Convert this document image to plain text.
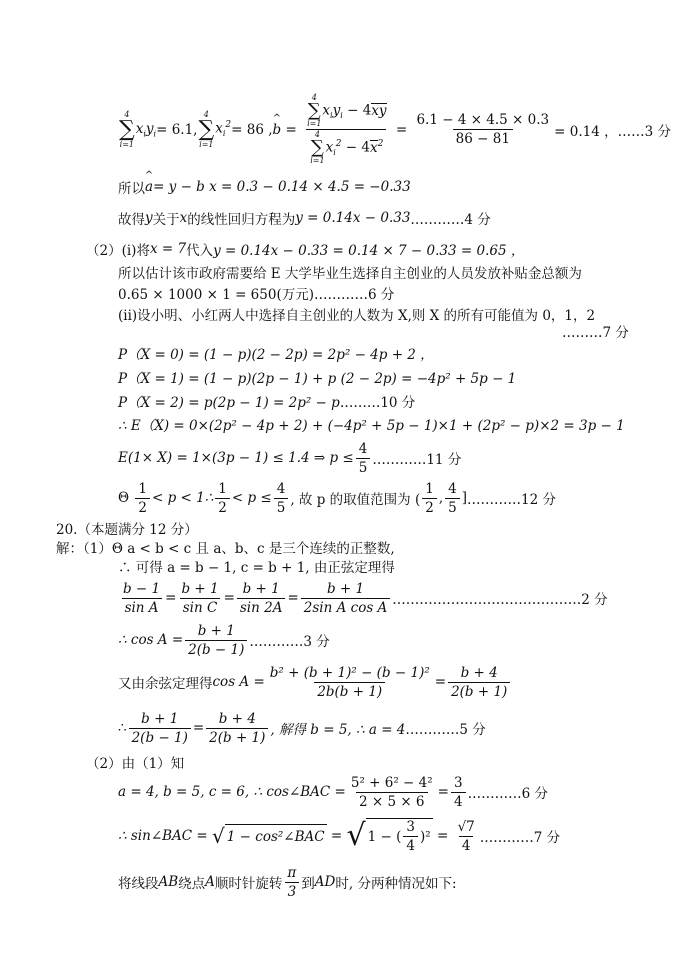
4
∑
i=1
$x_iy_i = 6.1$,
4
∑
i=1
$x_i^2 = 86$ , ^ b = 4
∑
i=1
$x_iy_i - 4xy$
4
∑
i=1
$x_i^2 - 4x^2 = \frac{6.1 - 4 \times 4.5 \times 0.3}{86 - 81} = 0.14$ ， ……3 分
所以 ^ a = y − b x = 0.3 − 0.14 × 4.5 = −0.33
故得 y 关于 x 的线性回归方程为 y = 0.14x − 0.33 …………4 分
（2） (i)将 x = 7 代入 y = 0.14x − 0.33 = 0.14 × 7 − 0.33 = 0.65 ，
所以估计该市政府需要给 E 大学毕业生选择自主创业的人员发放补贴金总额为
0.65 × 1000 × 1 = 650(万元) …………6 分
(ii)设小明、小红两人中选择自主创业的人数为 X,则 X 的所有可能值为 0，1，2
………7 分
P（X = 0) = (1 − p)(2 − 2p) = 2p² − 4p + 2 ，
P（X = 1) = (1 − p)(2p − 1) + p (2 − 2p) = −4p² + 5p − 1
P（X = 2) = p(2p − 1) = 2p² − p ………10 分
∴ E（X) = 0×(2p² − 4p + 2) + (−4p² + 5p − 1)×1 + (2p² − p)×2 = 3p − 1
E(1× X) = 1×(3p − 1) ≤ 1.4 ⇒ $p \le \frac{4}{5}$ …………11 分
Θ
$\frac{1}{2} < p$ < 1∴ $\frac{1}{2} < p \le \frac{4}{5}$ , 故 p 的取值范围为 ( $\frac{1}{2}$ , $\frac{4}{5}$ ] …………12 分
20.（本题满分 12 分）
解：（1）Θ a < b < c 且 a、b、c 是三个连续的正整数,
∴ 可得 a = b − 1, c = b + 1, 由正弦定理得
$\frac{b - 1}{\text{sin A}} = \frac{b + 1}{\text{sin C}} = \frac{b + 1}{\sin 2A} = \frac{b + 1}{\text{2sin A cos A}}$ ……………………………………2 分
∴ $\cos A = \frac{b + 1}{2(b - 1)}$ …………3 分
又由余弦定理得 $\cos A = \frac{\text{b² + (b + 1)² − (b − 1)²}}{2b(b + 1)} = \frac{b + 4}{2(b + 1)}$
∴ $\frac{b + 1}{2(b - 1)} = \frac{b + 4}{2(b + 1)}$ , 解得 b = 5, ∴ a = 4 …………5 分
（2）由（1）知
a = 4, b = 5, c = 6, ∴ cos∠BAC = $\frac{\text{5² + 6² − 4²}}{2 \times 5 \times 6} = \frac{3}{4}$ …………6 分
∴ sin∠BAC =
√ 1 − cos²∠BAC = √ 1 − ( $\frac{3}{4} )^2 = \frac{√7}{4}$ …………7 分
将线段 AB 绕点 A 顺时针旋转 $\frac{\pi}{3}$ 到 AD 时, 分两种情况如下:
